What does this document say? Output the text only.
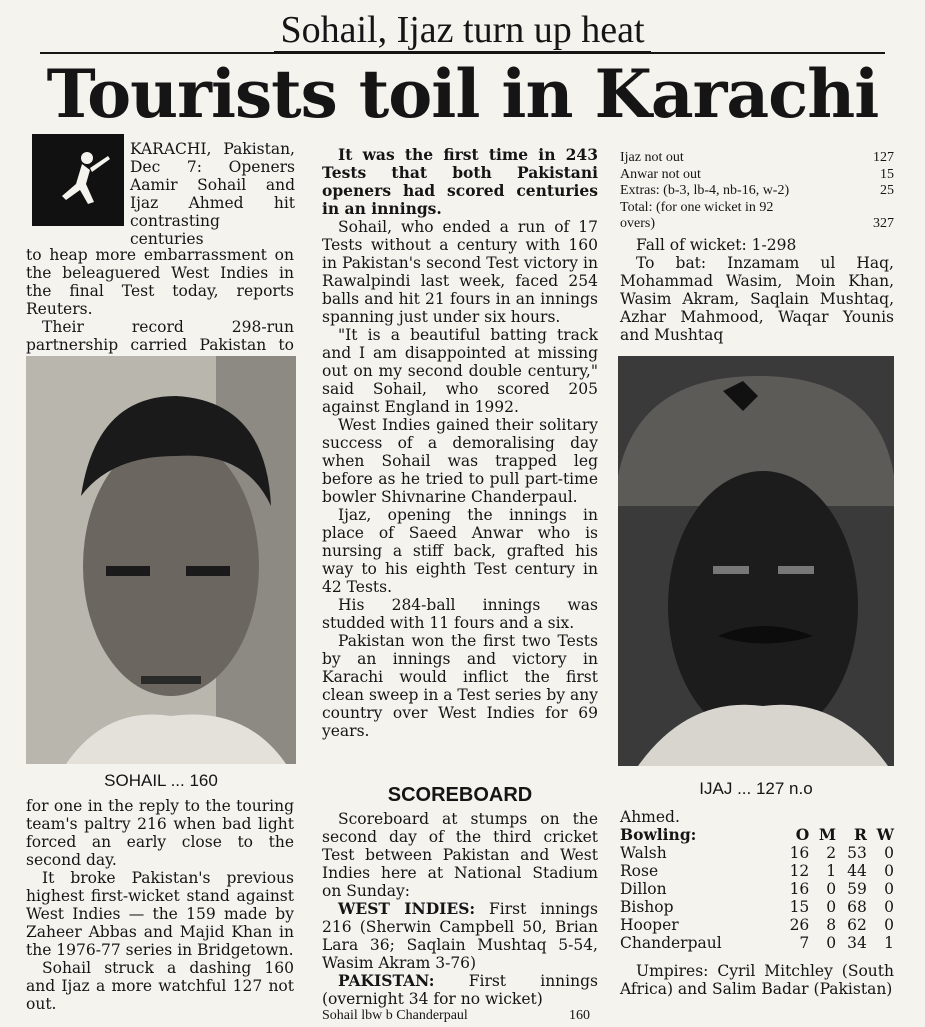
Sohail, Ijaz turn up heat
Tourists toil in Karachi

KARACHI, Pakistan, Dec 7: Openers Aamir Sohail and Ijaz Ahmed hit contrasting centuries

to heap more embarrassment on the beleaguered West Indies in the final Test today, reports Reuters.

Their record 298-run partnership carried Pakistan to

SOHAIL ... 160

for one in the reply to the touring team's paltry 216 when bad light forced an early close to the second day.

It broke Pakistan's previous highest first-wicket stand against West Indies — the 159 made by Zaheer Abbas and Majid Khan in the 1976-77 series in Bridgetown.

Sohail struck a dashing 160 and Ijaz a more watchful 127 not out.

It was the first time in 243 Tests that both Pakistani openers had scored centuries in an innings.

Sohail, who ended a run of 17 Tests without a century with 160 in Pakistan's second Test victory in Rawalpindi last week, faced 254 balls and hit 21 fours in an innings spanning just under six hours.

"It is a beautiful batting track and I am disappointed at missing out on my second double century," said Sohail, who scored 205 against England in 1992.

West Indies gained their solitary success of a demoralising day when Sohail was trapped leg before as he tried to pull part-time bowler Shivnarine Chanderpaul.

Ijaz, opening the innings in place of Saeed Anwar who is nursing a stiff back, grafted his way to his eighth Test century in 42 Tests.

His 284-ball innings was studded with 11 fours and a six.

Pakistan won the first two Tests by an innings and victory in Karachi would inflict the first clean sweep in a Test series by any country over West Indies for 69 years.

SCOREBOARD

Scoreboard at stumps on the second day of the third cricket Test between Pakistan and West Indies here at National Stadium on Sunday:

WEST INDIES: First innings 216 (Sherwin Campbell 50, Brian Lara 36; Saqlain Mushtaq 5-54, Wasim Akram 3-76)

PAKISTAN: First innings (overnight 34 for no wicket)

Sohail lbw b Chanderpaul	160
Ijaz not out	127
Anwar not out	15
Extras: (b-3, lb-4, nb-16, w-2)	25
Total: (for one wicket in 92 overs)	327

Fall of wicket: 1-298

To bat: Inzamam ul Haq, Mohammad Wasim, Moin Khan, Wasim Akram, Saqlain Mushtaq, Azhar Mahmood, Waqar Younis and Mushtaq

IJAJ ... 127 n.o
Ahmed.
Bowling:	O	M	R	W
Walsh	16	2	53	0
Rose	12	1	44	0
Dillon	16	0	59	0
Bishop	15	0	68	0
Hooper	26	8	62	0
Chanderpaul	7	0	34	1

Umpires: Cyril Mitchley (South Africa) and Salim Badar (Pakistan)
